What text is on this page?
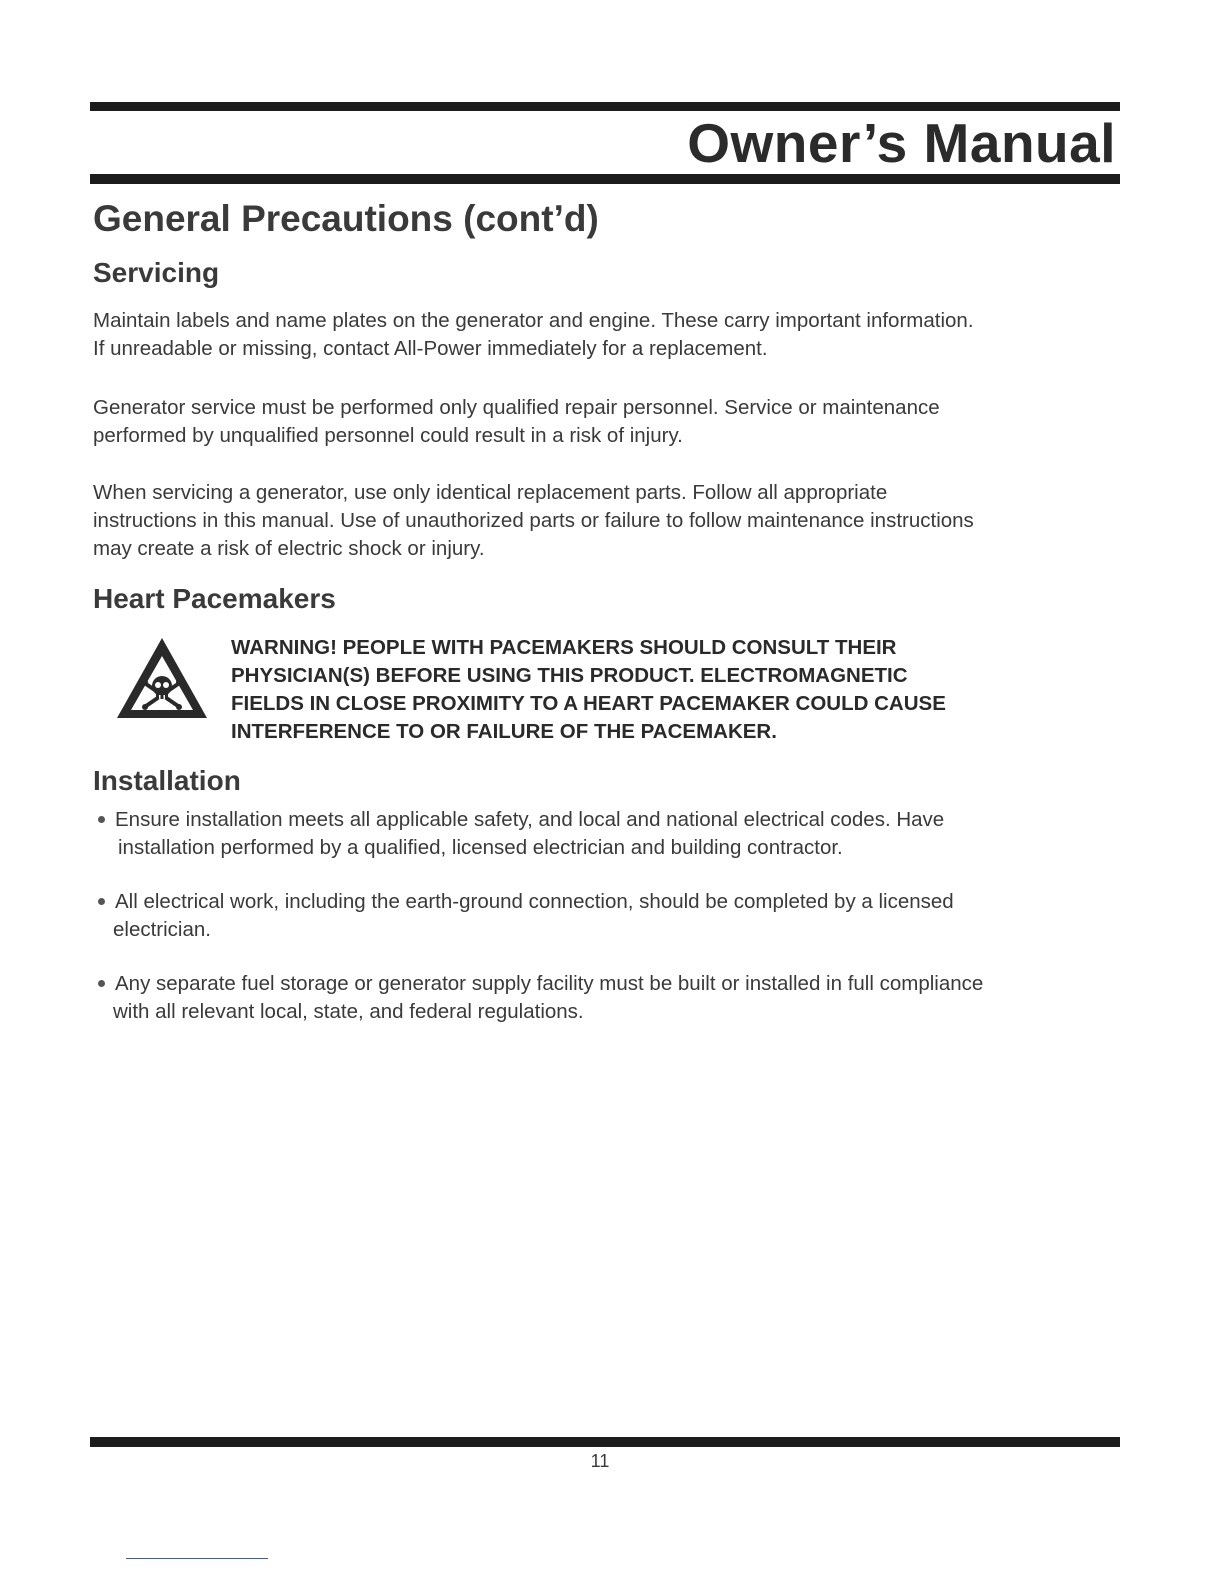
Owner’s Manual
General Precautions (cont’d)
Servicing
Maintain labels and name plates on the generator and engine. These carry important information.
If unreadable or missing, contact All-Power immediately for a replacement.
Generator service must be performed only qualified repair personnel. Service or maintenance
performed by unqualified personnel could result in a risk of injury.
When servicing a generator, use only identical replacement parts. Follow all appropriate
instructions in this manual. Use of unauthorized parts or failure to follow maintenance instructions
may create a risk of electric shock or injury.
Heart Pacemakers
WARNING! PEOPLE WITH PACEMAKERS SHOULD CONSULT THEIR
PHYSICIAN(S) BEFORE USING THIS PRODUCT. ELECTROMAGNETIC
FIELDS IN CLOSE PROXIMITY TO A HEART PACEMAKER COULD CAUSE
INTERFERENCE TO OR FAILURE OF THE PACEMAKER.
Installation
Ensure installation meets all applicable safety, and local and national electrical codes. Have
installation performed by a qualified, licensed electrician and building contractor.
All electrical work, including the earth-ground connection, should be completed by a licensed
electrician.
Any separate fuel storage or generator supply facility must be built or installed in full compliance
with all relevant local, state, and federal regulations.
11
